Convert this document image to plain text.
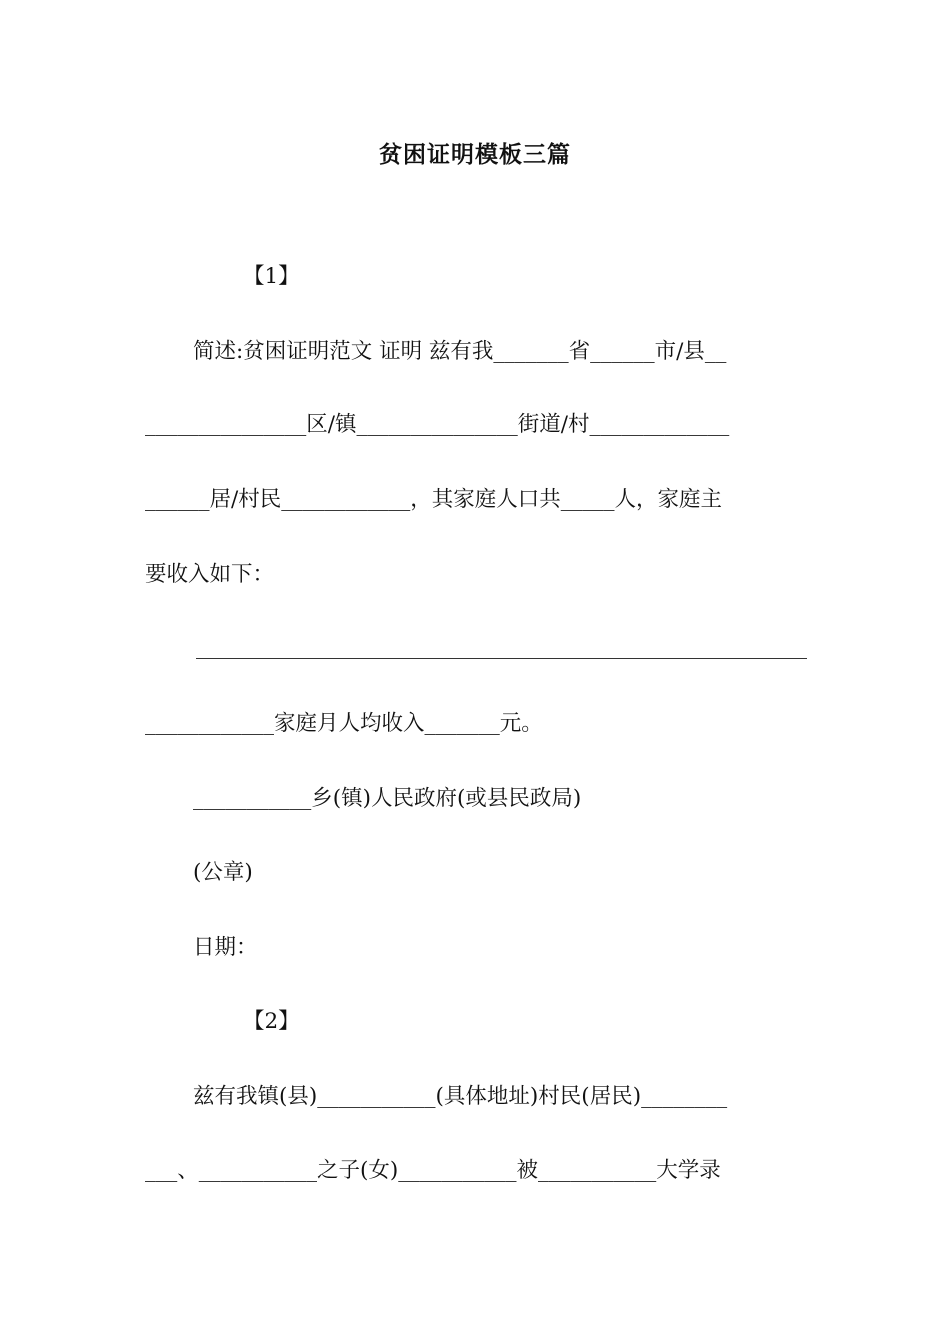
贫困证明模板三篇
【1】
简述:贫困证明范文 证明 兹有我_______省______市/县__
_______________区/镇_______________街道/村_____________
______居/村民____________，其家庭人口共_____人，家庭主
要收入如下：
____________家庭月人均收入_______元。
___________乡(镇)人民政府(或县民政局)
(公章)
日期：
【2】
兹有我镇(县)___________(具体地址)村民(居民)________
___、___________之子(女)___________被___________大学录
